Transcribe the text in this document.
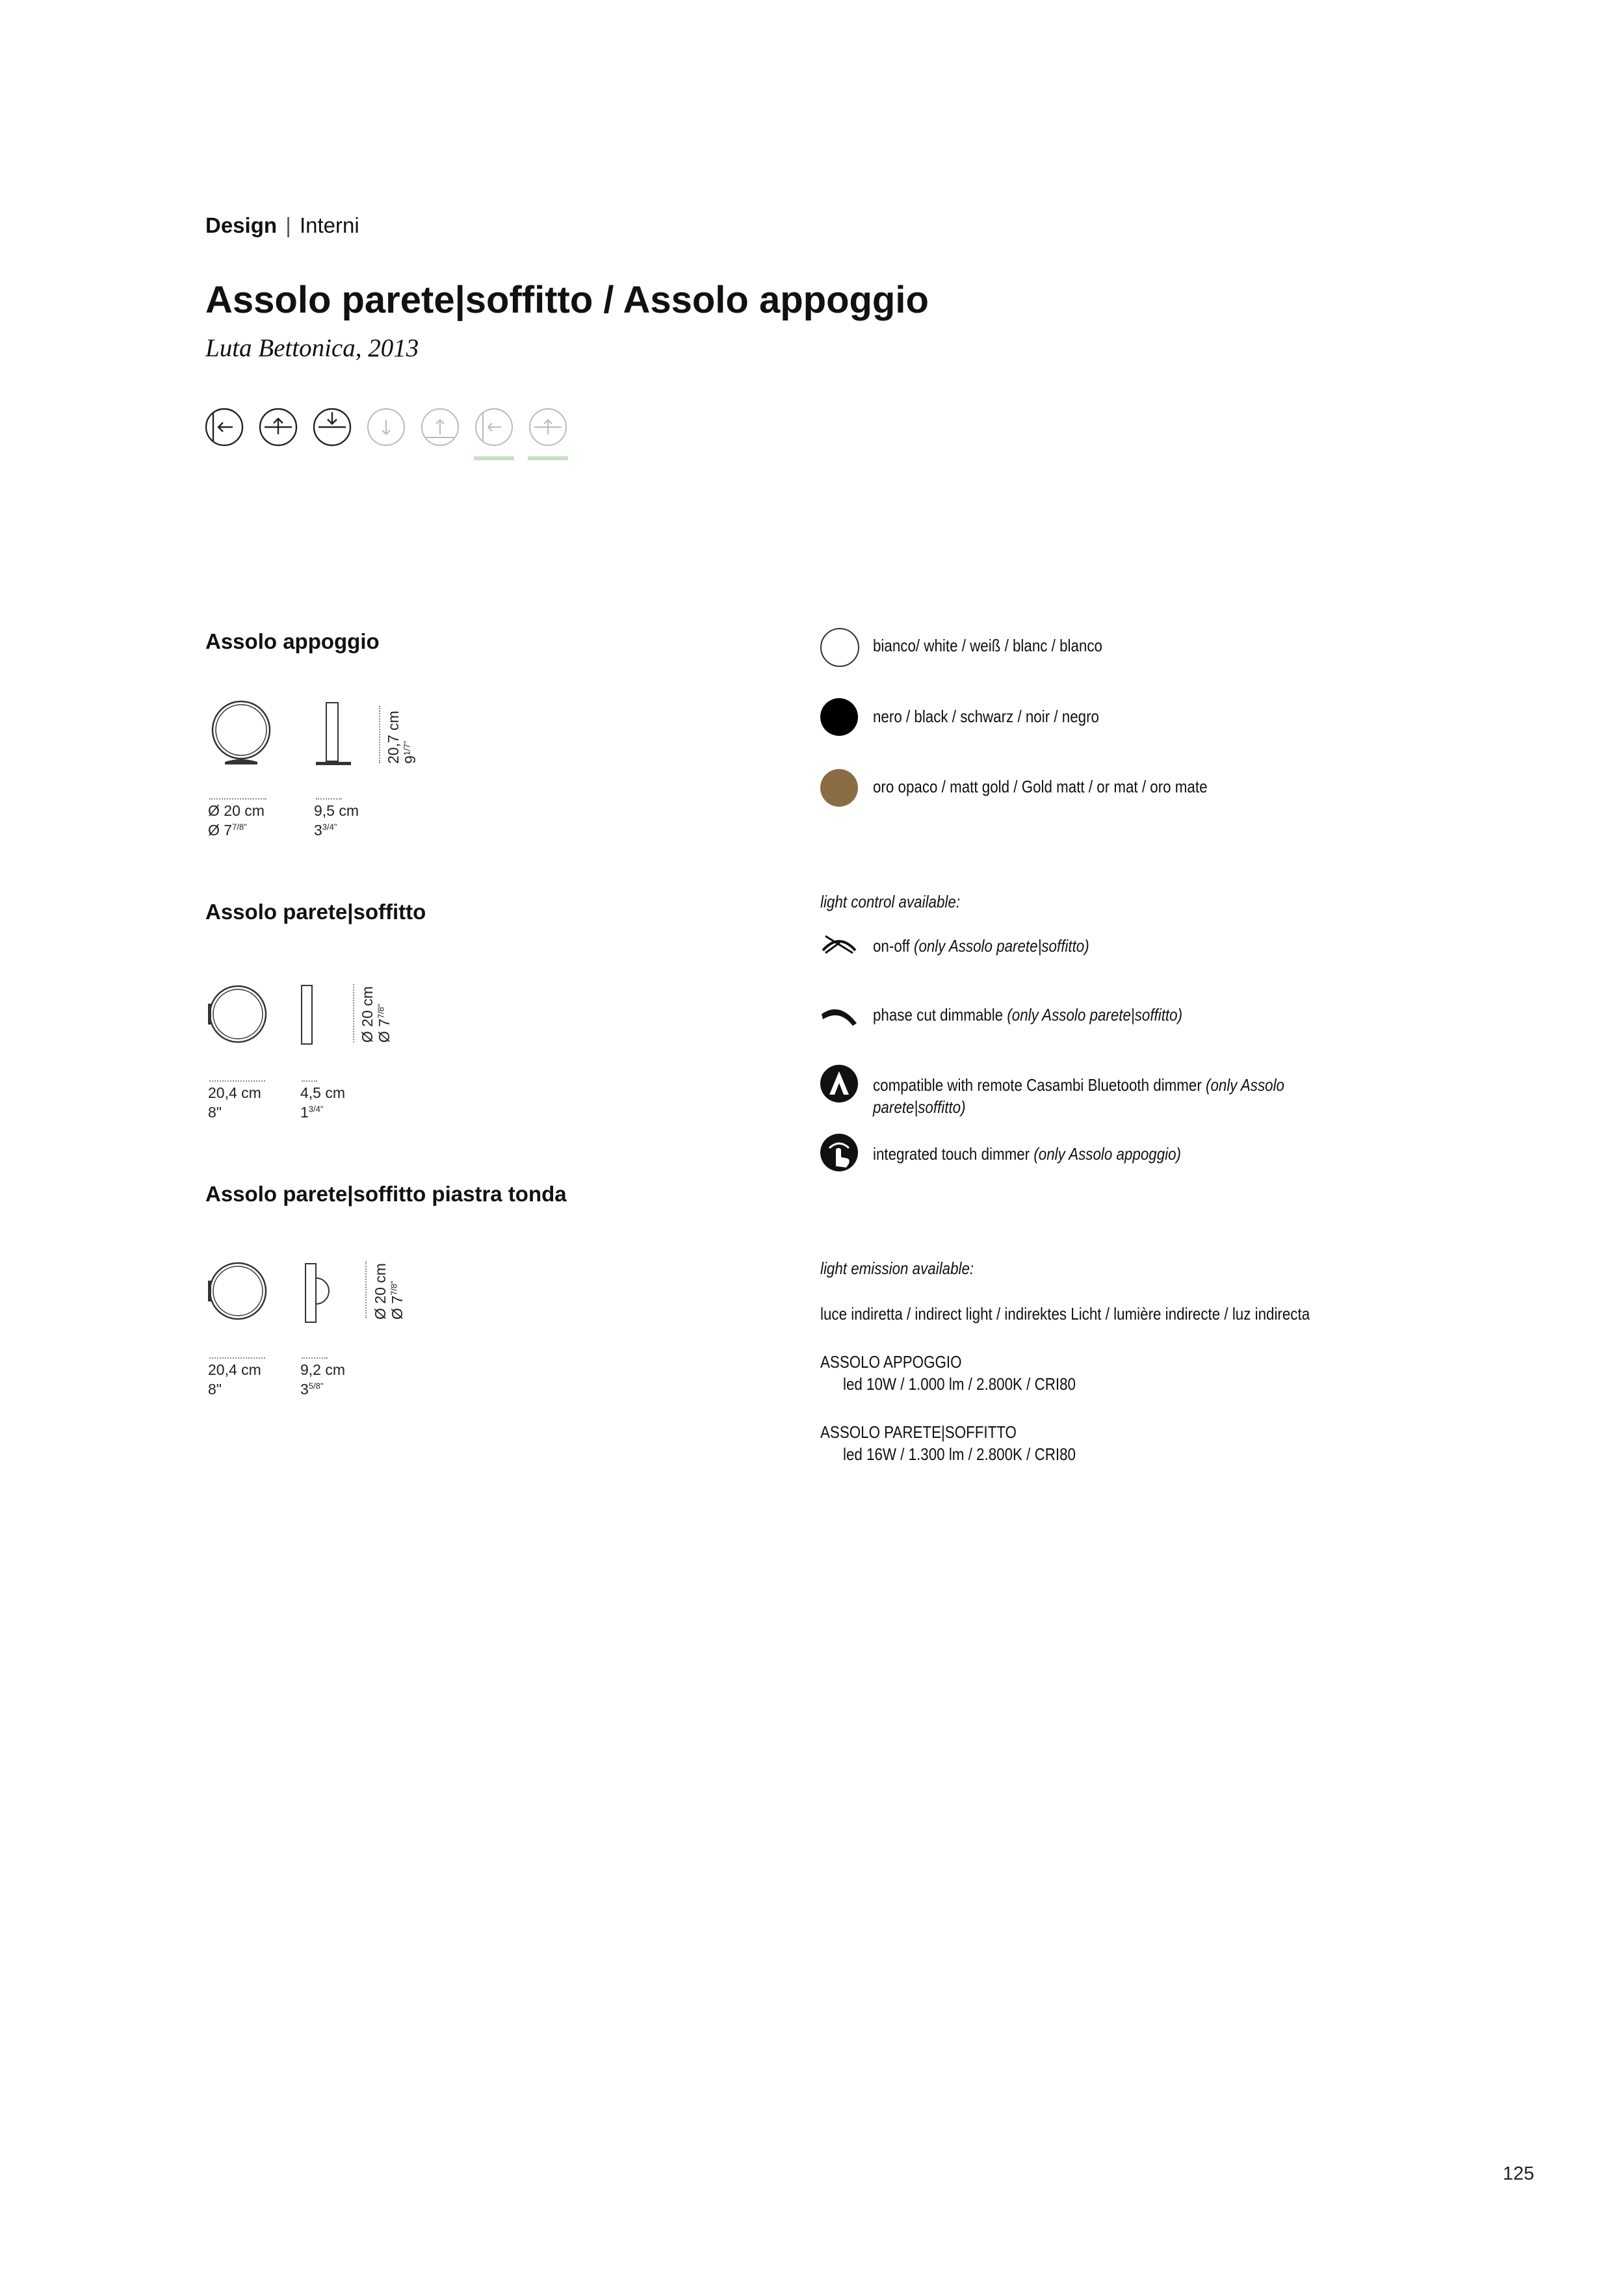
Design | Interni
Assolo parete|soffitto / Assolo appoggio
Luta Bettonica, 2013
Assolo appoggio
20,7 cm $9^{1/7"}$
Ø 20 cm
Ø $7^{7/8"}$
9,5 cm
$3^{3/4"}$
Assolo parete|soffitto
Ø 20 cm Ø $7^{7/8"}$
20,4 cm
8"
4,5 cm
$1^{3/4"}$
Assolo parete|soffitto piastra tonda
Ø 20 cm Ø $7^{7/8"}$
20,4 cm
8"
9,2 cm
$3^{5/8"}$
bianco/ white / weiß / blanc / blanco
nero / black / schwarz / noir / negro
oro opaco / matt gold / Gold matt / or mat / oro mate
light control available:
on-off (only Assolo parete|soffitto)
phase cut dimmable (only Assolo parete|soffitto)
compatible with remote Casambi Bluetooth dimmer (only Assolo
parete|soffitto)
integrated touch dimmer (only Assolo appoggio)
light emission available:
luce indiretta / indirect light / indirektes Licht / lumière indirecte / luz indirecta
ASSOLO APPOGGIO
led 10W / 1.000 lm / 2.800K / CRI80
ASSOLO PARETE|SOFFITTO
led 16W / 1.300 lm / 2.800K / CRI80
125
